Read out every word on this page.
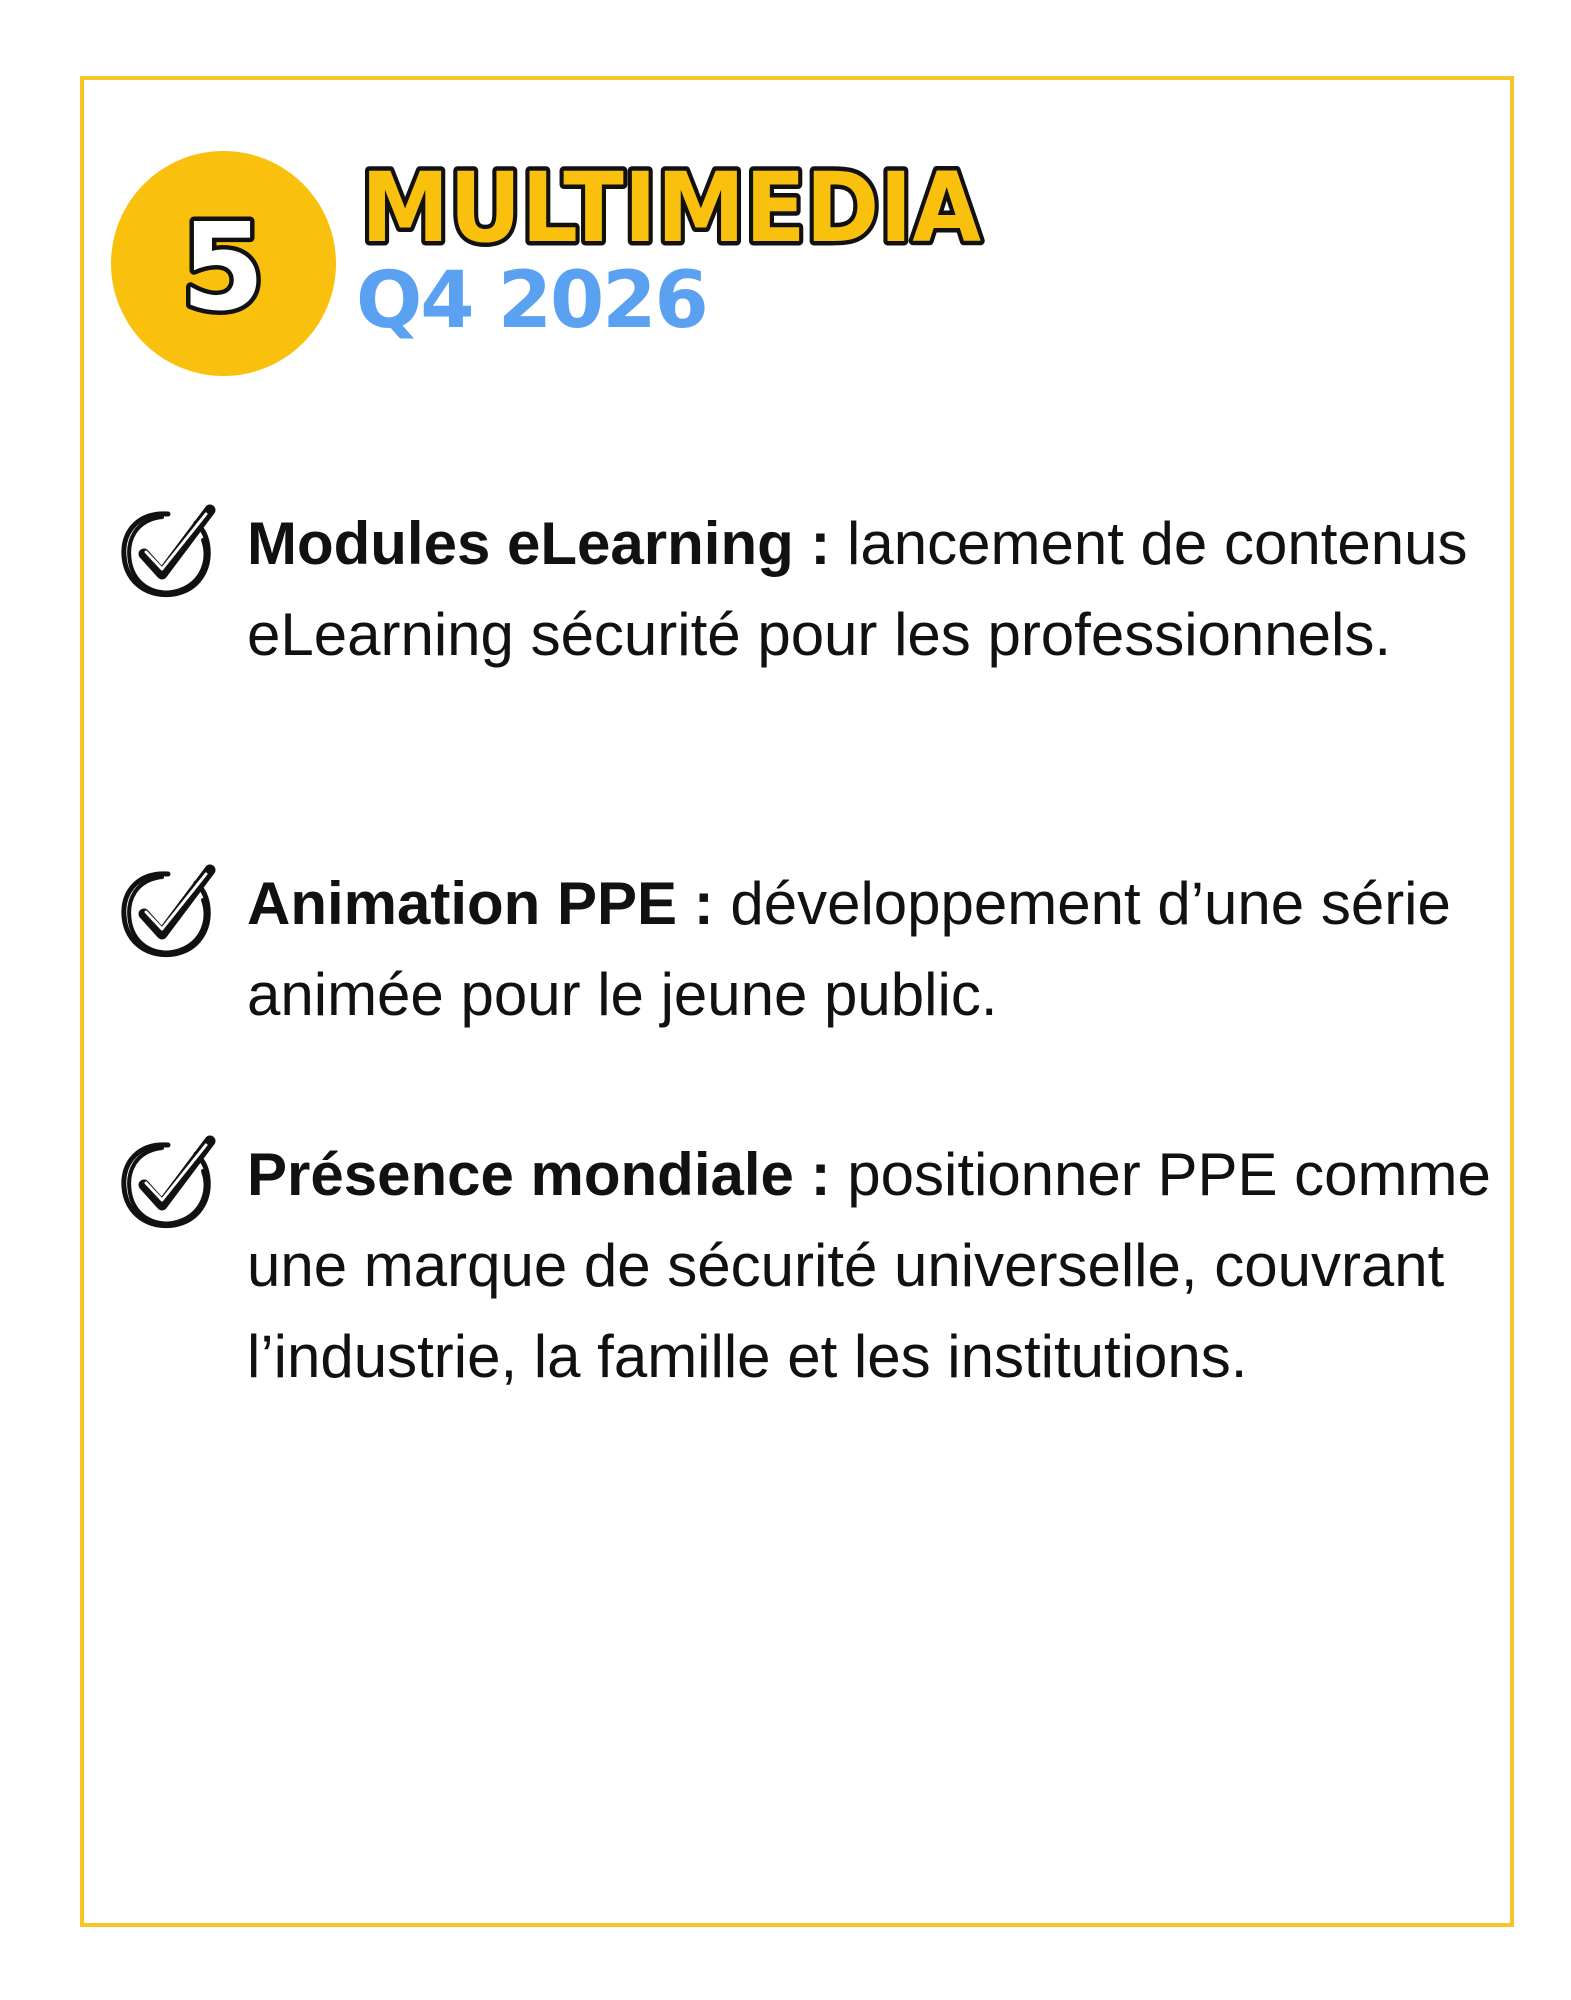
5 MULTIMEDIA

Q4 2026

Modules eLearning : lancement de contenus eLearning sécurité pour les professionnels.

Animation PPE : développement d’une série animée pour le jeune public.

Présence mondiale : positionner PPE comme une marque de sécurité universelle, couvrant l’industrie, la famille et les institutions.
